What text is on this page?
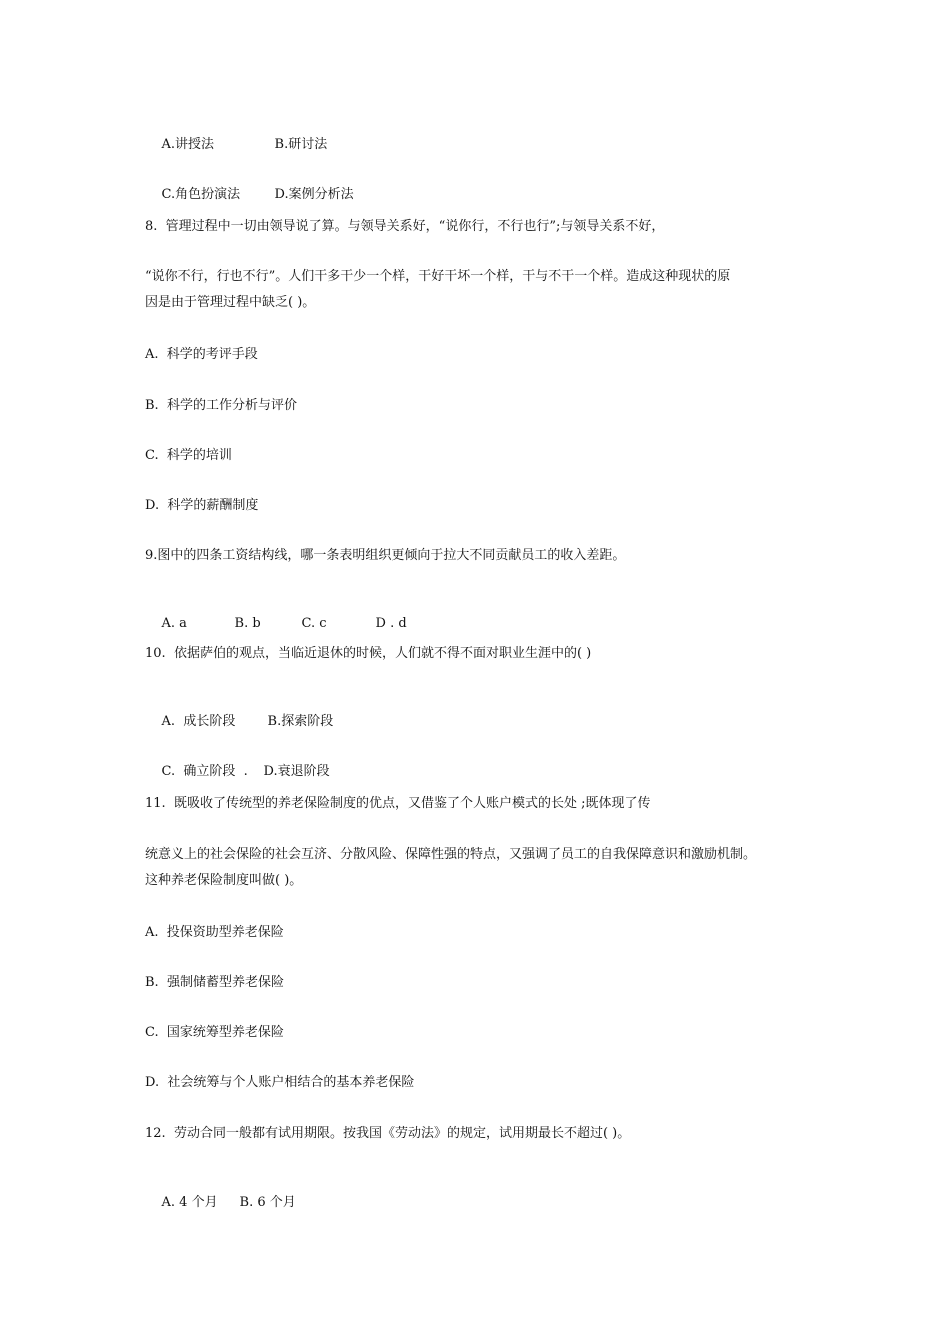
A.讲授法	B.研讨法

C.角色扮演法	D.案例分析法

8.  管理过程中一切由领导说了算。与领导关系好，“说你行，不行也行”;与领导关系不好，
“说你不行，行也不行”。人们干多干少一个样，干好干坏一个样，干与不干一个样。造成这种现状的原
因是由于管理过程中缺乏( )。
A.  科学的考评手段
B.  科学的工作分析与评价
C.  科学的培训
D.  科学的薪酬制度
9.图中的四条工资结构线，哪一条表明组织更倾向于拉大不同贡献员工的收入差距。

A. a	B. b	C. c	D . d

10.  依据萨伯的观点，当临近退休的时候，人们就不得不面对职业生涯中的( )

A.  成长阶段 B.探索阶段

C.  确立阶段  . D.衰退阶段

11.  既吸收了传统型的养老保险制度的优点，又借鉴了个人账户模式的长处 ;既体现了传
统意义上的社会保险的社会互济、分散风险、保障性强的特点，又强调了员工的自我保障意识和激励机制。
这种养老保险制度叫做( )。
A.  投保资助型养老保险
B.  强制储蓄型养老保险
C.  国家统筹型养老保险
D.  社会统筹与个人账户相结合的基本养老保险
12.  劳动合同一般都有试用期限。按我国《劳动法》的规定，试用期最长不超过( )。

A. 4 个月 B. 6 个月
